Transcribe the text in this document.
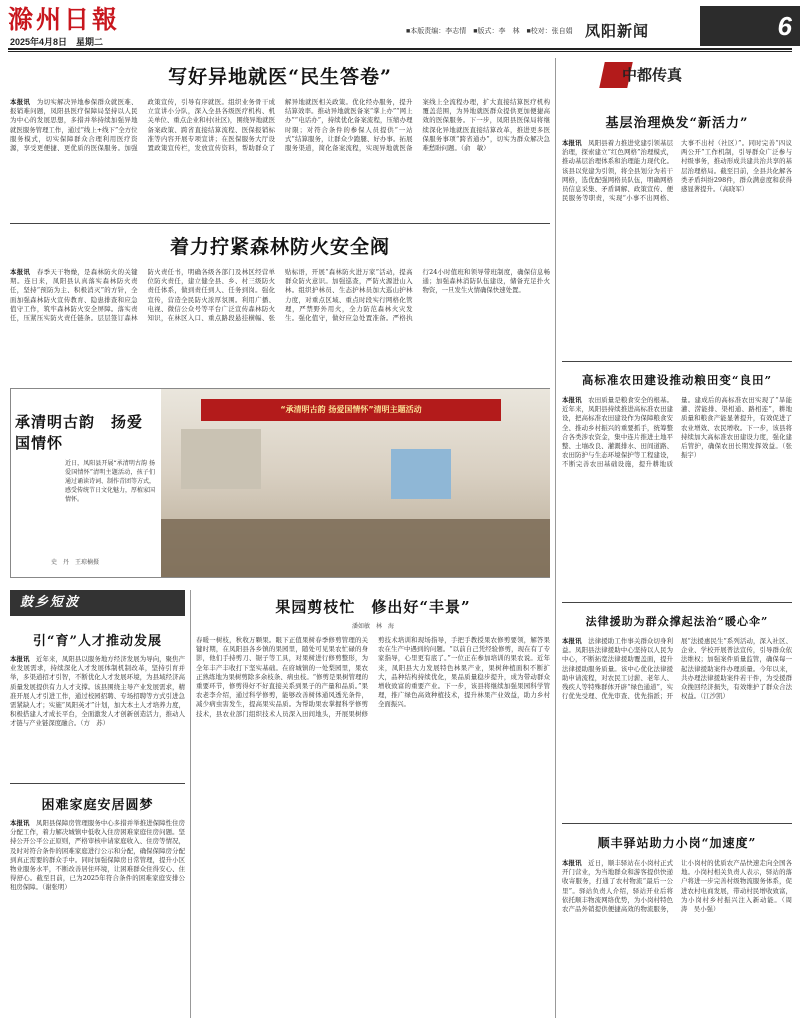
滁州日報
2025年4月8日　星期二
■本版责编：李志情　■版式：李　林　■校对：张自娟 凤阳新闻	6
写好异地就医“民生答卷”
本报讯　 为切实解决异地参保群众就医难、报销难问题，凤阳县医疗保障局坚持以人民为中心的发展思想，多措并举持续加强异地就医服务管理工作，通过“线上+线下”全方位服务模式，切实保障群众合理利用医疗资源，享受更便捷、更优质的医保服务。加强政策宣传，引导有序就医。组织业务骨干成立宣讲小分队，深入全县各级医疗机构、机关单位、重点企业和村(社区)，围绕异地就医备案政策、跨省直接结算流程、医保报销标准等内容开展专项宣讲；在医保服务大厅设置政策宣传栏，发放宣传资料，帮助群众了解异地就医相关政策。优化经办服务，提升结算效率。推动异地就医备案“掌上办”“网上办”“电话办”，持续优化备案流程，压缩办理时限；对符合条件的参保人员提供“一站式”结算服务，让群众少跑腿、好办事。拓展服务渠道，简化备案流程，实现异地就医备案线上全流程办理，扩大直接结算医疗机构覆盖范围，为异地就医群众提供更加便捷高效的医保服务。下一步，凤阳县医保局将继续深化异地就医直接结算改革，推进更多医保服务事项“跨省通办”，切实为群众解决急难愁盼问题。（俞　敏）
着力拧紧森林防火安全阀
本报讯　 春季天干物燥，是森林防火的关键期。连日来，凤阳县认真落实森林防火责任，坚持“预防为主、积极消灭”的方针，全面加强森林防火宣传教育、隐患排查和应急值守工作，筑牢森林防火安全屏障。落实责任，压紧压实防火责任链条。层层签订森林防火责任书，明确各级各部门及林区经营单位防火责任，建立健全县、乡、村三级防火责任体系，做到责任到人、任务到岗。强化宣传，营造全民防火浓厚氛围。利用广播、电视、微信公众号等平台广泛宣传森林防火知识，在林区入口、重点路段悬挂横幅、张贴标语，开展“森林防火进万家”活动，提高群众防火意识。加强巡查，严防火源进山入林。组织护林员、生态护林员加大巡山护林力度，对重点区域、重点时段实行网格化管理，严禁野外用火，全力防范森林火灾发生。强化值守，做好应急处置准备。严格执行24小时值班和领导带班制度，确保信息畅通；加强森林消防队伍建设，储备充足扑火物资，一旦发生火情确保快速处置。
承清明古韵　扬爱国情怀
近日，凤阳县开展“承清明古韵 扬爱国情怀”清明主题活动，孩子们通过诵读诗词、制作青团等方式，感受传统节日文化魅力，厚植家国情怀。
史　丹　王琼楠摄
“承清明古韵 扬爱国情怀”清明主题活动
鼓乡短波
引“育”人才推动发展
本报讯　 近年来，凤阳县以服务地方经济发展为导向，聚焦产业发展需求，持续深化人才发展体制机制改革，坚持引育并举，多渠道招才引智，不断优化人才发展环境，为县域经济高质量发展提供有力人才支撑。该县围绕主导产业发展需求，精准开展人才引进工作，通过校园招聘、专场招聘等方式引进急需紧缺人才；实施“凤阳英才”计划，加大本土人才培养力度，积极搭建人才成长平台，全面激发人才创新创造活力，推动人才链与产业链深度融合。（方　苏）
困难家庭安居圆梦
本报讯　 凤阳县保障房管理服务中心多措并举推进保障性住房分配工作，着力解决城镇中低收入住房困难家庭住房问题。坚持公开公平公正原则，严格审核申请家庭收入、住房等情况，及时对符合条件的困难家庭进行公示和分配，确保保障房分配到真正需要的群众手中。同时加强保障房日常管理，提升小区物业服务水平，不断改善居住环境，让困难群众住得安心、住得舒心。截至目前，已为2025年符合条件的困难家庭安排公租房保障。（谢张明）
果园剪枝忙　修出好“丰景”
潘如敏　林　海
春暖一树枝，秋收万颗果。眼下正值果树春季修剪管理的关键时期，在凤阳县各乡镇的果园里，随处可见果农忙碌的身影，他们手持剪刀、锯子等工具，对果树进行修剪整形，为全年丰产丰收打下坚实基础。在府城镇的一处梨园里，果农正熟练地为果树剪除多余枝条、病虫枝。“修剪是果树管理的重要环节，修剪得好不好直接关系到果子的产量和品质。”果农老李介绍，通过科学修剪，能够改善树体通风透光条件，减少病虫害发生，提高果实品质。为帮助果农掌握科学修剪技术，县农业部门组织技术人员深入田间地头，开展果树修剪技术培训和现场指导，手把手教授果农修剪要领，解答果农在生产中遇到的问题。“以前自己凭经验修剪，现在有了专家指导，心里更有底了。”一位正在参加培训的果农说。近年来，凤阳县大力发展特色林果产业，果树种植面积不断扩大，品种结构持续优化，果品质量稳步提升，成为带动群众增收致富的重要产业。下一步，该县将继续加强果园科学管理，推广绿色高效种植技术，提升林果产业效益，助力乡村全面振兴。
中都传真
基层治理焕发“新活力”
本报讯　 凤阳县着力推进党建引领基层治理，探索建立“红色网格”治理模式，推动基层治理体系和治理能力现代化。该县以党建为引领，将全县划分为若干网格，选优配强网格员队伍，明确网格员信息采集、矛盾调解、政策宣传、便民服务等职责，实现“小事不出网格、大事不出村（社区）”。同时完善“四议两公开”工作机制，引导群众广泛参与村级事务，推动形成共建共治共享的基层治理格局。截至目前，全县共化解各类矛盾纠纷298件，群众满意度和获得感显著提升。（高晓军）
高标准农田建设推动粮田变“良田”
本报讯　 农田质量是粮食安全的根基。近年来，凤阳县持续推进高标准农田建设，把高标准农田建设作为保障粮食安全、推动乡村振兴的重要抓手，统筹整合各类涉农资金，集中连片推进土地平整、土壤改良、灌溉排水、田间道路、农田防护与生态环境保护等工程建设，不断完善农田基础设施，提升耕地质量。建成后的高标准农田实现了“旱能灌、涝能排、渠相通、路相连”，耕地质量和粮食产能显著提升，有效促进了农业增效、农民增收。下一步，该县将持续加大高标准农田建设力度，强化建后管护，确保农田长期发挥效益。（张振宇）
法律援助为群众撑起法治“暖心伞”
本报讯　 法律援助工作事关群众切身利益。凤阳县法律援助中心坚持以人民为中心，不断拓宽法律援助覆盖面，提升法律援助服务质量。该中心优化法律援助申请流程，对农民工讨薪、老年人、残疾人等特殊群体开辟“绿色通道”，实行优先受理、优先审查、优先指派；开展“法援惠民生”系列活动，深入社区、企业、学校开展普法宣传，引导群众依法维权；加强案件质量监管，确保每一起法律援助案件办理质量。今年以来，共办理法律援助案件若干件，为受援群众挽回经济损失，有效维护了群众合法权益。（江沙凯）
顺丰驿站助力小岗“加速度”
本报讯　 近日，顺丰驿站在小岗村正式开门营业，为当地群众和游客提供快递收寄服务，打通了农村物流“最后一公里”。驿站负责人介绍，驿站开业后将依托顺丰物流网络优势，为小岗村特色农产品外销提供便捷高效的物流服务，让小岗村的优质农产品快速走向全国各地。小岗村相关负责人表示，驿站的落户将进一步完善村级物流服务体系，促进农村电商发展，带动村民增收致富，为小岗村乡村振兴注入新动能。（周　涛　吴小强）
